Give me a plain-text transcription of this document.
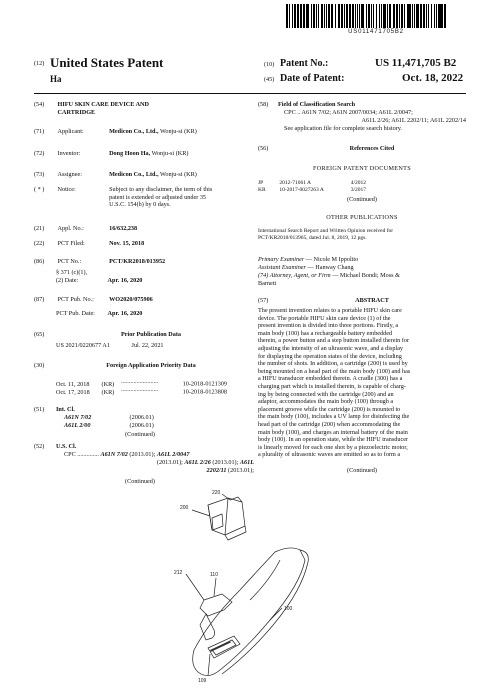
US011471705B2
(12) United States Patent
Ha
(10) Patent No.:	US 11,471,705 B2
(45) Date of Patent:	Oct. 18, 2022
(54) HIFU SKIN CARE DEVICE AND CARTRIDGE
(71) Applicant:	Medicon Co., Ltd., Wonju-si (KR)
(72) Inventor:	Dong Hoon Ha, Wonju-si (KR)
(73) Assignee:	Medicon Co., Ltd., Wonju-si (KR)
( * ) Notice:	Subject to any disclaimer, the term of this
patent is extended or adjusted under 35
U.S.C. 154(b) by 0 days.
(21) Appl. No.:	16/632,238
(22) PCT Filed:	Nov. 15, 2018
(86) PCT No.:	PCT/KR2018/013952
§ 371 (c)(1),
(2) Date:	Apr. 16, 2020
(87) PCT Pub. No.: WO2020/075906
PCT Pub. Date: Apr. 16, 2020
(65)	Prior Publication Data
US 2021/0220677 A1	Jul. 22, 2021
(30)	Foreign Application Priority Data
Oct. 11, 2018 (KR) ........................	10-2018-0121309
Oct. 17, 2018 (KR) ........................	10-2018-0123808
(51) Int. Cl.
A61N 7/02	(2006.01)
A61L 2/00	(2006.01)
(Continued)
(52) U.S. Cl.
CPC .............. A61N 7/02 (2013.01); A61L 2/0047
(2013.01); A61L 2/26 (2013.01); A61L
2202/11 (2013.01);
(Continued)
(58) Field of Classification Search
CPC .. A61N 7/02; A61N 2007/0034; A61L 2/0047;
A61L 2/26; A61L 2202/11; A61L 2202/14
See application file for complete search history.
(56)	References Cited
FOREIGN PATENT DOCUMENTS
JP	2012-71061 A	4/2012
KR 10-2017-0027263 A	3/2017
(Continued)
OTHER PUBLICATIONS
International Search Report and Written Opinion received for
PCT/KR2018/013965, dated Jul. 8, 2019, 12 pgs.
Primary Examiner — Nicole M Ippolito
Assistant Examiner — Hanway Chang
(74) Attorney, Agent, or Firm — Michael Bondi; Moss &
Barnett
(57)	ABSTRACT
The present invention relates to a portable HIFU skin care
device. The portable HIFU skin care device (1) of the
present invention is divided into three portions. Firstly, a
main body (100) has a rechargeable battery embedded
therein, a power button and a step button installed therein for
adjusting the intensity of an ultrasonic wave, and a display
for displaying the operation states of the device, including
the number of shots. In addition, a cartridge (200) is used by
being mounted on a head part of the main body (100) and has
a HIFU transducer embedded therein. A cradle (300) has a
charging part which is installed therein, is capable of charg-
ing by being connected with the cartridge (200) and an
adaptor, accommodates the main body (100) through a
placement groove while the cartridge (200) is mounted to
the main body (100), includes a UV lamp for disinfecting the
head part of the cartridge (200) when accommodating the
main body (100), and charges an internal battery of the main
body (100). In an operation state, while the HIFU transducer
is linearly moved for each one shot by a piezoelectric motor,
a plurality of ultrasonic waves are emitted so as to form a
(Continued)
200
220
212	110
100
109
